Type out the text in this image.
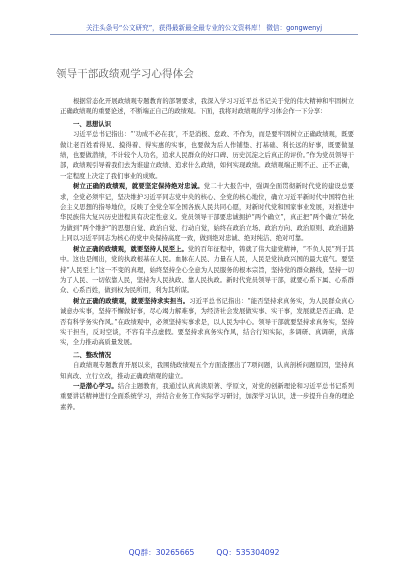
关注头条号“公文研究”，获得最新最全最专业的公文资料库！ 微信：gongwenyj
领导干部政绩观学习心得体会

根据常态化开展政绩观专题教育的部署要求，我深入学习习近平总书记关于党的伟大精神和牢固树立正确政绩观的重要论述，不断端正自己的政绩观。下面，我将对政绩观的学习体会作一下分享：

一、思想认识

习近平总书记指出：“‘功成不必在我’，不是消极、怠政、不作为，而是要牢固树立正确政绩观，既要做让老百姓看得见、摸得着、得实惠的实事，也要做为后人作铺垫、打基础、利长远的好事，既要做显绩，也要做潜绩，不计较个人功名，追求人民群众的好口碑、历史沉淀之后真正的评价。”作为党员领导干部，政绩观引导着我们去为谁建立政绩、追求什么政绩，如何实现政绩。政绩观端正则不正、正不正确，一定程度上决定了我们事业的成败。

树立正确的政绩观，就要坚定保持绝对忠诚。党二十大报告中，强调全面贯彻新时代党的建设总要求，全党必须牢记，坚决维护习近平同志党中央的核心、全党的核心地位，确立习近平新时代中国特色社会主义思想的指导地位，反映了全党全军全国各族人民共同心愿，对新时代党和国家事业发展，对推进中华民族伟大复兴历史进程具有决定性意义。党员领导干部要忠诚拥护“两个确立”，真正把“两个确立”转化为做到“两个维护”的思想自觉、政治自觉、行动自觉，始终在政治立场、政治方向、政治原则、政治道路上同以习近平同志为核心的党中央保持高度一致，做到绝对忠诚、绝对纯洁、绝对可靠。

树立正确的政绩观，就要坚持人民至上。党的百年征程中，铸就了伟大建党精神，“不负人民”列于其中。这也是阐出，党的执政根基在人民。血脉在人民、力量在人民，人民是党执政兴国的最大底气。要坚持“人民至上”这一不变的真理，始终坚持全心全意为人民服务的根本宗旨，坚持党的群众路线，坚持一切为了人民、一切依靠人民，坚持为人民执政、靠人民执政。新时代党员领导干部，就要心系下属、心系群众、心系百姓，做到权为民所用，利为其所谋。

树立正确的政绩观，就要坚持求实担当。习近平总书记指出：“能否坚持求真务实，为人民群众真心诚意办实事，坚持不懈做好事，尽心竭力解难事，为经济社会发展做实事、实干事，发展就是否正确、是否有科学务实作风。”在政绩观中，必须坚持实事求是，以人民为中心。领导干部就要坚持求真务实，坚持实干担当，反对空谈，不容有半点虚假。要坚持求真务实作风，结合行知实际，多调研、真调研，真落实，全力推动高质量发展。

二、整改情况

自政绩观专题教育开展以来，我围绕政绩观五个方面查摆出了7项问题，认真剖析问题原因，坚持真知真改、立行立改，推动正确政绩观的建立。

一是潜心学习。结合主题教育，我通过认真真读原著、学原文，对党的创新理论和习近平总书记系列重要讲话精神进行全面系统学习，并结合业务工作实际学习研讨，加深学习认识，进一步提升自身的理论素养。

QQ群：30265665	QQ：535304092
